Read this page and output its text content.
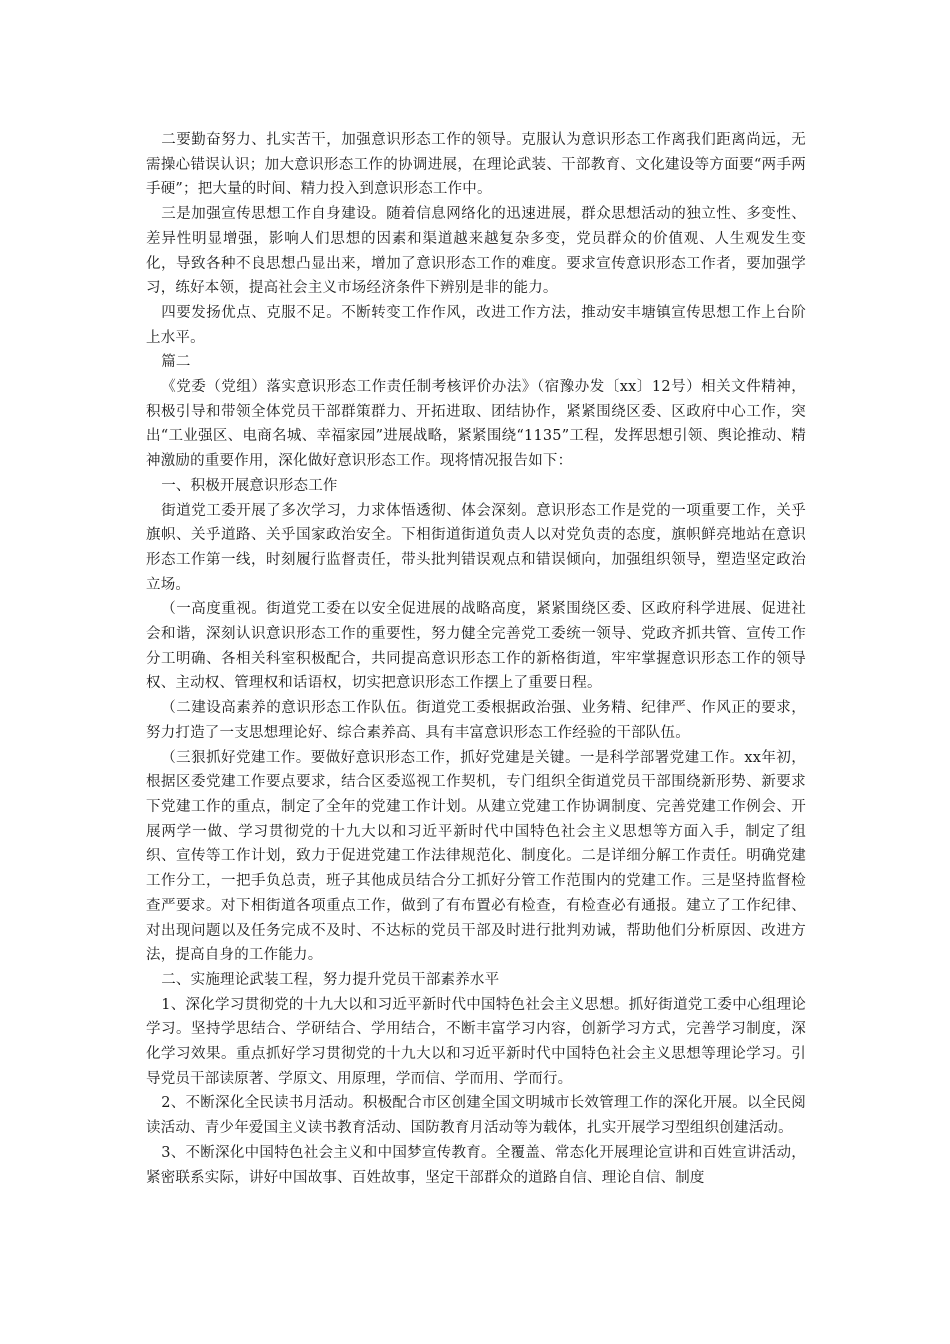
二要勤奋努力、扎实苦干，加强意识形态工作的领导。克服认为意识形态工作离我们距离尚远，无需操心错误认识；加大意识形态工作的协调进展，在理论武装、干部教育、文化建设等方面要“两手两手硬”；把大量的时间、精力投入到意识形态工作中。

三是加强宣传思想工作自身建设。随着信息网络化的迅速进展，群众思想活动的独立性、多变性、差异性明显增强，影响人们思想的因素和渠道越来越复杂多变，党员群众的价值观、人生观发生变化，导致各种不良思想凸显出来，增加了意识形态工作的难度。要求宣传意识形态工作者，要加强学习，练好本领，提高社会主义市场经济条件下辨别是非的能力。

四要发扬优点、克服不足。不断转变工作作风，改进工作方法，推动安丰塘镇宣传思想工作上台阶上水平。

篇二

《党委（党组）落实意识形态工作责任制考核评价办法》（宿豫办发〔xx〕12号）相关文件精神，积极引导和带领全体党员干部群策群力、开拓进取、团结协作，紧紧围绕区委、区政府中心工作，突出“工业强区、电商名城、幸福家园”进展战略，紧紧围绕“1135”工程，发挥思想引领、舆论推动、精神激励的重要作用，深化做好意识形态工作。现将情况报告如下：

一、积极开展意识形态工作

街道党工委开展了多次学习，力求体悟透彻、体会深刻。意识形态工作是党的一项重要工作，关乎旗帜、关乎道路、关乎国家政治安全。下相街道街道负责人以对党负责的态度，旗帜鲜亮地站在意识形态工作第一线，时刻履行监督责任，带头批判错误观点和错误倾向，加强组织领导，塑造坚定政治立场。

（一高度重视。街道党工委在以安全促进展的战略高度，紧紧围绕区委、区政府科学进展、促进社会和谐，深刻认识意识形态工作的重要性，努力健全完善党工委统一领导、党政齐抓共管、宣传工作分工明确、各相关科室积极配合，共同提高意识形态工作的新格街道，牢牢掌握意识形态工作的领导权、主动权、管理权和话语权，切实把意识形态工作摆上了重要日程。

（二建设高素养的意识形态工作队伍。街道党工委根据政治强、业务精、纪律严、作风正的要求，努力打造了一支思想理论好、综合素养高、具有丰富意识形态工作经验的干部队伍。

（三狠抓好党建工作。要做好意识形态工作，抓好党建是关键。一是科学部署党建工作。xx年初，根据区委党建工作要点要求，结合区委巡视工作契机，专门组织全街道党员干部围绕新形势、新要求下党建工作的重点，制定了全年的党建工作计划。从建立党建工作协调制度、完善党建工作例会、开展两学一做、学习贯彻党的十九大以和习近平新时代中国特色社会主义思想等方面入手，制定了组织、宣传等工作计划，致力于促进党建工作法律规范化、制度化。二是详细分解工作责任。明确党建工作分工，一把手负总责，班子其他成员结合分工抓好分管工作范围内的党建工作。三是坚持监督检查严要求。对下相街道各项重点工作，做到了有布置必有检查，有检查必有通报。建立了工作纪律、对出现问题以及任务完成不及时、不达标的党员干部及时进行批判劝诫，帮助他们分析原因、改进方法，提高自身的工作能力。

二、实施理论武装工程，努力提升党员干部素养水平

1、深化学习贯彻党的十九大以和习近平新时代中国特色社会主义思想。抓好街道党工委中心组理论学习。坚持学思结合、学研结合、学用结合，不断丰富学习内容，创新学习方式，完善学习制度，深化学习效果。重点抓好学习贯彻党的十九大以和习近平新时代中国特色社会主义思想等理论学习。引导党员干部读原著、学原文、用原理，学而信、学而用、学而行。

2、不断深化全民读书月活动。积极配合市区创建全国文明城市长效管理工作的深化开展。以全民阅读活动、青少年爱国主义读书教育活动、国防教育月活动等为载体，扎实开展学习型组织创建活动。

3、不断深化中国特色社会主义和中国梦宣传教育。全覆盖、常态化开展理论宣讲和百姓宣讲活动，紧密联系实际，讲好中国故事、百姓故事，坚定干部群众的道路自信、理论自信、制度
